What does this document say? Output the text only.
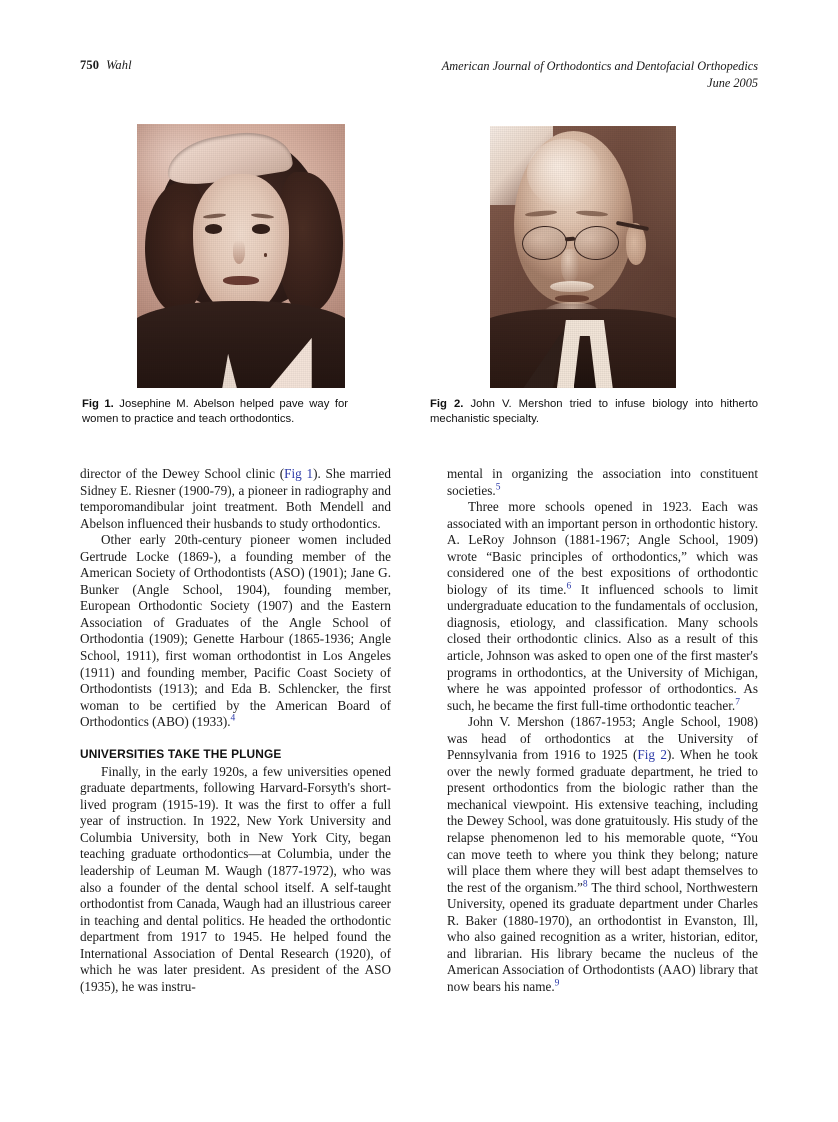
750 Wahl	American Journal of Orthodontics and Dentofacial Orthopedics
June 2005
Fig 1. Josephine M. Abelson helped pave way for women to practice and teach orthodontics.
Fig 2. John V. Mershon tried to infuse biology into hitherto mechanistic specialty.

director of the Dewey School clinic (Fig 1). She married Sidney E. Riesner (1900-79), a pioneer in radiography and temporomandibular joint treatment. Both Mendell and Abelson influenced their husbands to study orthodontics.

Other early 20th-century pioneer women included Gertrude Locke (1869-), a founding member of the American Society of Orthodontists (ASO) (1901); Jane G. Bunker (Angle School, 1904), founding member, European Orthodontic Society (1907) and the Eastern Association of Graduates of the Angle School of Orthodontia (1909); Genette Harbour (1865-1936; Angle School, 1911), first woman orthodontist in Los Angeles (1911) and founding member, Pacific Coast Society of Orthodontists (1913); and Eda B. Schlencker, the first woman to be certified by the American Board of Orthodontics (ABO) (1933).$^4$

UNIVERSITIES TAKE THE PLUNGE

Finally, in the early 1920s, a few universities opened graduate departments, following Harvard-Forsyth's short-lived program (1915-19). It was the first to offer a full year of instruction. In 1922, New York University and Columbia University, both in New York City, began teaching graduate orthodontics—at Columbia, under the leadership of Leuman M. Waugh (1877-1972), who was also a founder of the dental school itself. A self-taught orthodontist from Canada, Waugh had an illustrious career in teaching and dental politics. He headed the orthodontic department from 1917 to 1945. He helped found the International Association of Dental Research (1920), of which he was later president. As president of the ASO (1935), he was instru-

mental in organizing the association into constituent societies.$^5$

Three more schools opened in 1923. Each was associated with an important person in orthodontic history. A. LeRoy Johnson (1881-1967; Angle School, 1909) wrote “Basic principles of orthodontics,” which was considered one of the best expositions of orthodontic biology of its time.$^6$ It influenced schools to limit undergraduate education to the fundamentals of occlusion, diagnosis, etiology, and classification. Many schools closed their orthodontic clinics. Also as a result of this article, Johnson was asked to open one of the first master's programs in orthodontics, at the University of Michigan, where he was appointed professor of orthodontics. As such, he became the first full-time orthodontic teacher.$^7$

John V. Mershon (1867-1953; Angle School, 1908) was head of orthodontics at the University of Pennsylvania from 1916 to 1925 (Fig 2). When he took over the newly formed graduate department, he tried to present orthodontics from the biologic rather than the mechanical viewpoint. His extensive teaching, including the Dewey School, was done gratuitously. His study of the relapse phenomenon led to his memorable quote, “You can move teeth to where you think they belong; nature will place them where they will best adapt themselves to the rest of the organism.”$^8$ The third school, Northwestern University, opened its graduate department under Charles R. Baker (1880-1970), an orthodontist in Evanston, Ill, who also gained recognition as a writer, historian, editor, and librarian. His library became the nucleus of the American Association of Orthodontists (AAO) library that now bears his name.$^9$
